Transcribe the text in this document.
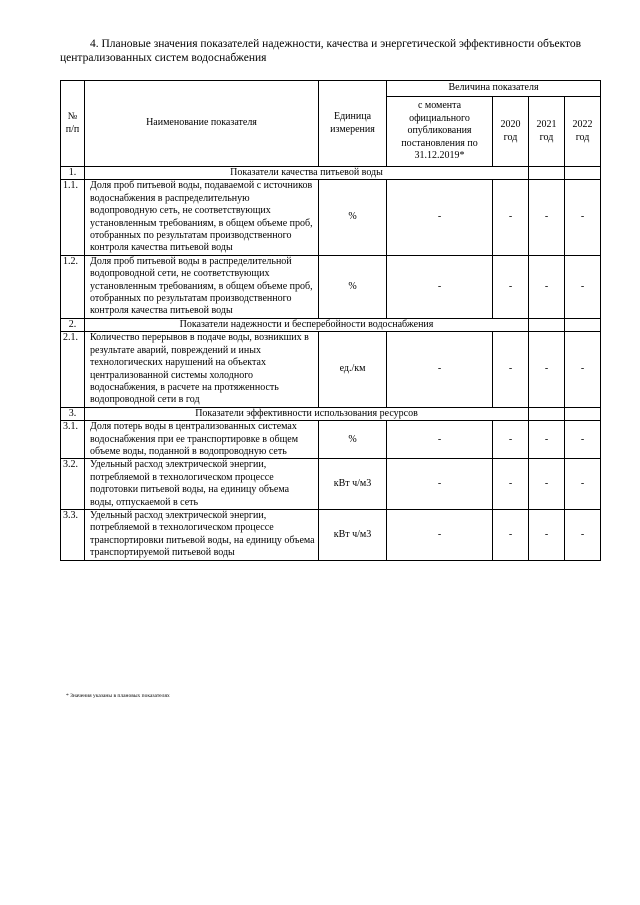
4. Плановые значения показателей надежности, качества и энергетической эффективности объектов централизованных систем водоснабжения
№ п/п	Наименование показателя	Единица измерения	Величина показателя				
			с момента официального опубликования постановления по 31.12.2019*	2020 год	2021 год	2022 год	
1.	Показатели качества питьевой воды						
1.1.	Доля проб питьевой воды, подаваемой с источников водоснабжения в распределительную водопроводную сеть, не соответствующих установленным требованиям, в общем объеме проб, отобранных по результатам производственного контроля качества питьевой воды	%	-	-	-	-	
1.2.	Доля проб питьевой воды в распределительной водопроводной сети, не соответствующих установленным требованиям, в общем объеме проб, отобранных по результатам производственного контроля качества питьевой воды	%	-	-	-	-	
2.	Показатели надежности и бесперебойности водоснабжения						
2.1.	Количество перерывов в подаче воды, возникших в результате аварий, повреждений и иных технологических нарушений на объектах централизованной системы холодного водоснабжения, в расчете на протяженность водопроводной сети в год	ед./км	-	-	-	-	
3.	Показатели эффективности использования ресурсов						
3.1.	Доля потерь воды в централизованных системах водоснабжения при ее транспортировке в общем объеме воды, поданной в водопроводную сеть	%	-	-	-	-	
3.2.	Удельный расход электрической энергии, потребляемой в технологическом процессе подготовки питьевой воды, на единицу объема воды, отпускаемой в сеть	кВт ч/м3	-	-	-	-	
3.3.	Удельный расход электрической энергии, потребляемой в технологическом процессе транспортировки питьевой воды, на единицу объема транспортируемой питьевой воды	кВт ч/м3	-	-	-	-	
* Значения указаны в плановых показателях
